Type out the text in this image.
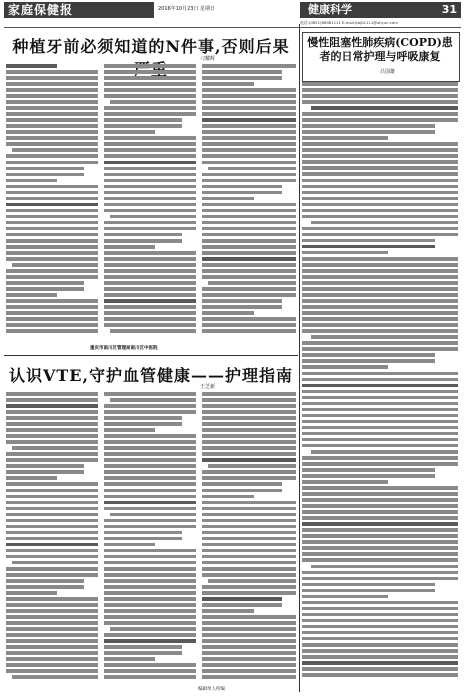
家庭保健报	2016年10月23日 星期日	健康科学	31
电话:(0851)86981111 E-mail:jtbjb1111@aliyun.com
种植牙前必须知道的N件事,否则后果
刁耀辉
重庆市南川区管理局南川区中医院
认识VTE,守护血管健康——护理指南
王芝新
编辑单人所编
慢性阻塞性肺疾病(COPD)患者的日常护理与呼吸康复
吕国雄
